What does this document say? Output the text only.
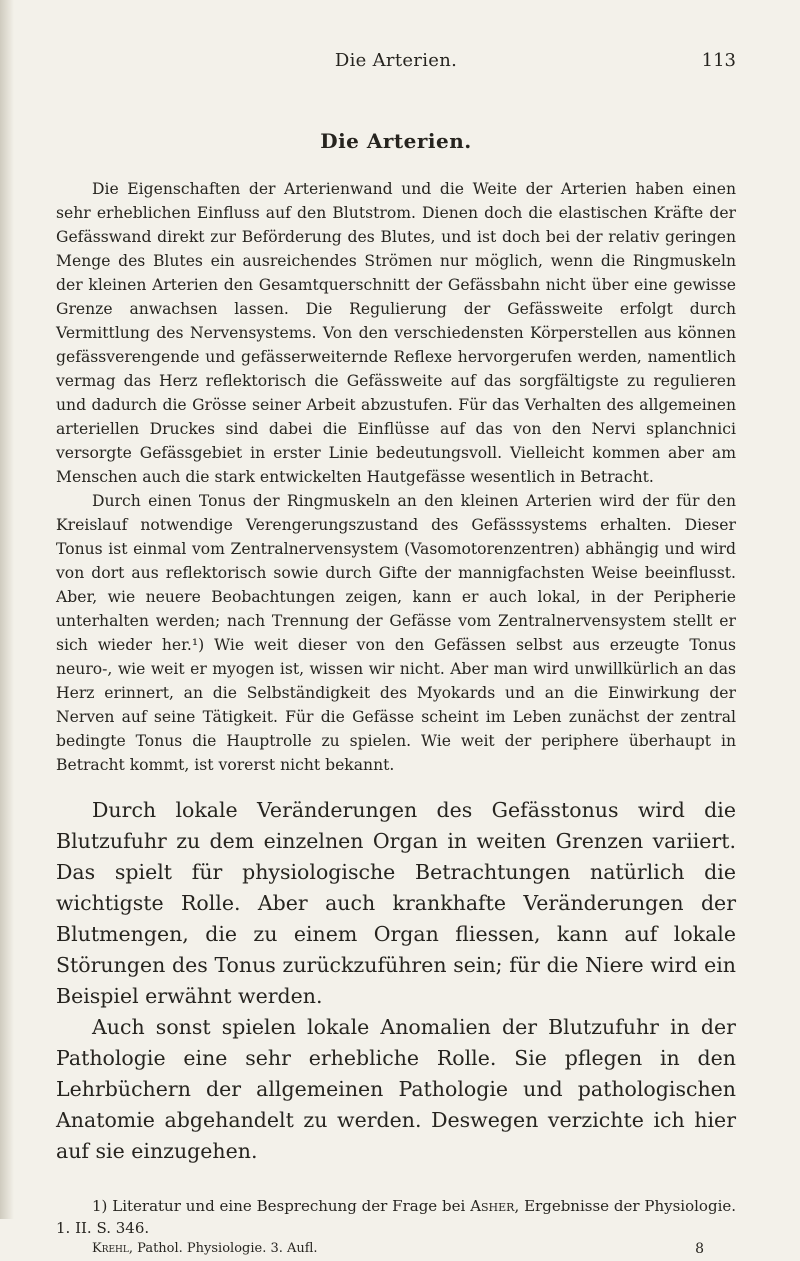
Die Arterien.	113
Die Arterien.

Die Eigenschaften der Arterienwand und die Weite der Arterien haben einen sehr erheblichen Einfluss auf den Blutstrom. Dienen doch die elastischen Kräfte der Gefässwand direkt zur Beförderung des Blutes, und ist doch bei der relativ geringen Menge des Blutes ein ausreichendes Strömen nur möglich, wenn die Ringmuskeln der kleinen Arterien den Gesamtquerschnitt der Gefässbahn nicht über eine gewisse Grenze anwachsen lassen. Die Regulierung der Gefässweite erfolgt durch Vermittlung des Nervensystems. Von den verschiedensten Körperstellen aus können gefässverengende und gefässerweiternde Reflexe hervorgerufen werden, namentlich vermag das Herz reflektorisch die Gefässweite auf das sorgfältigste zu regulieren und dadurch die Grösse seiner Arbeit abzustufen. Für das Verhalten des allgemeinen arteriellen Druckes sind dabei die Einflüsse auf das von den Nervi splanchnici versorgte Gefässgebiet in erster Linie bedeutungsvoll. Vielleicht kommen aber am Menschen auch die stark entwickelten Hautgefässe wesentlich in Betracht.

Durch einen Tonus der Ringmuskeln an den kleinen Arterien wird der für den Kreislauf notwendige Verengerungszustand des Gefässsystems erhalten. Dieser Tonus ist einmal vom Zentralnervensystem (Vasomotorenzentren) abhängig und wird von dort aus reflektorisch sowie durch Gifte der mannigfachsten Weise beeinflusst. Aber, wie neuere Beobachtungen zeigen, kann er auch lokal, in der Peripherie unterhalten werden; nach Trennung der Gefässe vom Zentralnervensystem stellt er sich wieder her.¹) Wie weit dieser von den Gefässen selbst aus erzeugte Tonus neuro-, wie weit er myogen ist, wissen wir nicht. Aber man wird unwillkürlich an das Herz erinnert, an die Selbständigkeit des Myokards und an die Einwirkung der Nerven auf seine Tätigkeit. Für die Gefässe scheint im Leben zunächst der zentral bedingte Tonus die Hauptrolle zu spielen. Wie weit der periphere überhaupt in Betracht kommt, ist vorerst nicht bekannt.

Durch lokale Veränderungen des Gefässtonus wird die Blutzufuhr zu dem einzelnen Organ in weiten Grenzen variiert. Das spielt für physiologische Betrachtungen natürlich die wichtigste Rolle. Aber auch krankhafte Veränderungen der Blutmengen, die zu einem Organ fliessen, kann auf lokale Störungen des Tonus zurückzuführen sein; für die Niere wird ein Beispiel erwähnt werden.

Auch sonst spielen lokale Anomalien der Blutzufuhr in der Pathologie eine sehr erhebliche Rolle. Sie pflegen in den Lehrbüchern der allgemeinen Pathologie und pathologischen Anatomie abgehandelt zu werden. Deswegen verzichte ich hier auf sie einzugehen.

1) Literatur und eine Besprechung der Frage bei Asher, Ergebnisse der Physiologie. 1. II. S. 346.
Krehl, Pathol. Physiologie. 3. Aufl.	8
